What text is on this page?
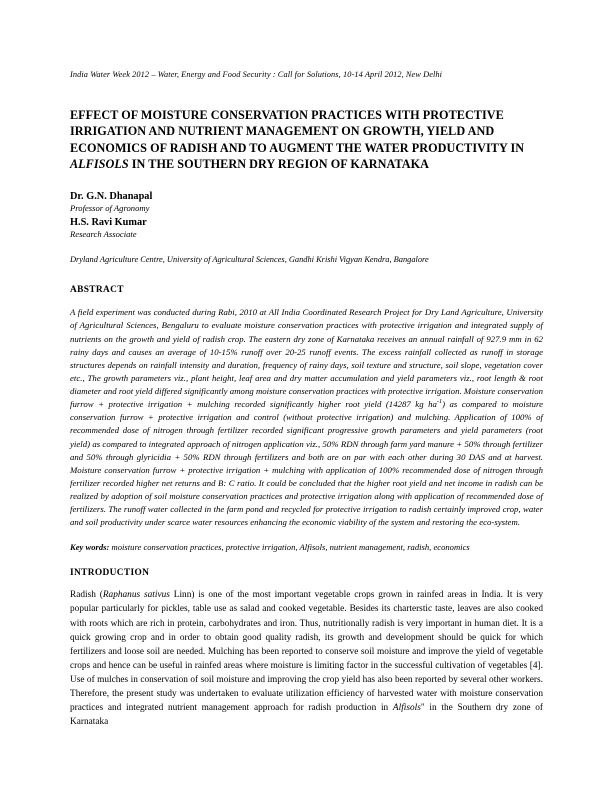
India Water Week 2012 – Water, Energy and Food Security : Call for Solutions, 10-14 April 2012, New Delhi
EFFECT OF MOISTURE CONSERVATION PRACTICES WITH PROTECTIVE IRRIGATION AND NUTRIENT MANAGEMENT ON GROWTH, YIELD AND ECONOMICS OF RADISH AND TO AUGMENT THE WATER PRODUCTIVITY IN ALFISOLS IN THE SOUTHERN DRY REGION OF KARNATAKA

Dr. G.N. Dhanapal

Professor of Agronomy

H.S. Ravi Kumar

Research Associate

Dryland Agriculture Centre, University of Agricultural Sciences, Gandhi Krishi Vigyan Kendra, Bangalore

ABSTRACT

A field experiment was conducted during Rabi, 2010 at All India Coordinated Research Project for Dry Land Agriculture, University of Agricultural Sciences, Bengaluru to evaluate moisture conservation practices with protective irrigation and integrated supply of nutrients on the growth and yield of radish crop. The eastern dry zone of Karnataka receives an annual rainfall of 927.9 mm in 62 rainy days and causes an average of 10-15% runoff over 20-25 runoff events. The excess rainfall collected as runoff in storage structures depends on rainfall intensity and duration, frequency of rainy days, soil texture and structure, soil slope, vegetation cover etc., The growth parameters viz., plant height, leaf area and dry matter accumulation and yield parameters viz., root length & root diameter and root yield differed significantly among moisture conservation practices with protective irrigation. Moisture conservation furrow + protective irrigation + mulching recorded significantly higher root yield (14287 kg $ha^{-1}$) as compared to moisture conservation furrow + protective irrigation and control (without protective irrigation) and mulching. Application of 100% of recommended dose of nitrogen through fertilizer recorded significant progressive growth parameters and yield parameters (root yield) as compared to integrated approach of nitrogen application viz., 50% RDN through farm yard manure + 50% through fertilizer and 50% through glyricidia + 50% RDN through fertilizers and both are on par with each other during 30 DAS and at harvest. Moisture conservation furrow + protective irrigation + mulching with application of 100% recommended dose of nitrogen through fertilizer recorded higher net returns and B: C ratio. It could be concluded that the higher root yield and net income in radish can be realized by adoption of soil moisture conservation practices and protective irrigation along with application of recommended dose of fertilizers. The runoff water collected in the farm pond and recycled for protective irrigation to radish certainly improved crop, water and soil productivity under scarce water resources enhancing the economic viability of the system and restoring the eco-system.

Key words: moisture conservation practices, protective irrigation, Alfisols, nutrient management, radish, economics

INTRODUCTION

Radish (Raphanus sativus Linn) is one of the most important vegetable crops grown in rainfed areas in India. It is very popular particularly for pickles, table use as salad and cooked vegetable. Besides its charterstic taste, leaves are also cooked with roots which are rich in protein, carbohydrates and iron. Thus, nutritionally radish is very important in human diet. It is a quick growing crop and in order to obtain good quality radish, its growth and development should be quick for which fertilizers and loose soil are needed. Mulching has been reported to conserve soil moisture and improve the yield of vegetable crops and hence can be useful in rainfed areas where moisture is limiting factor in the successful cultivation of vegetables [4]. Use of mulches in conservation of soil moisture and improving the crop yield has also been reported by several other workers. Therefore, the present study was undertaken to evaluate utilization efficiency of harvested water with moisture conservation practices and integrated nutrient management approach for radish production in Alfisols" in the Southern dry zone of Karnataka
